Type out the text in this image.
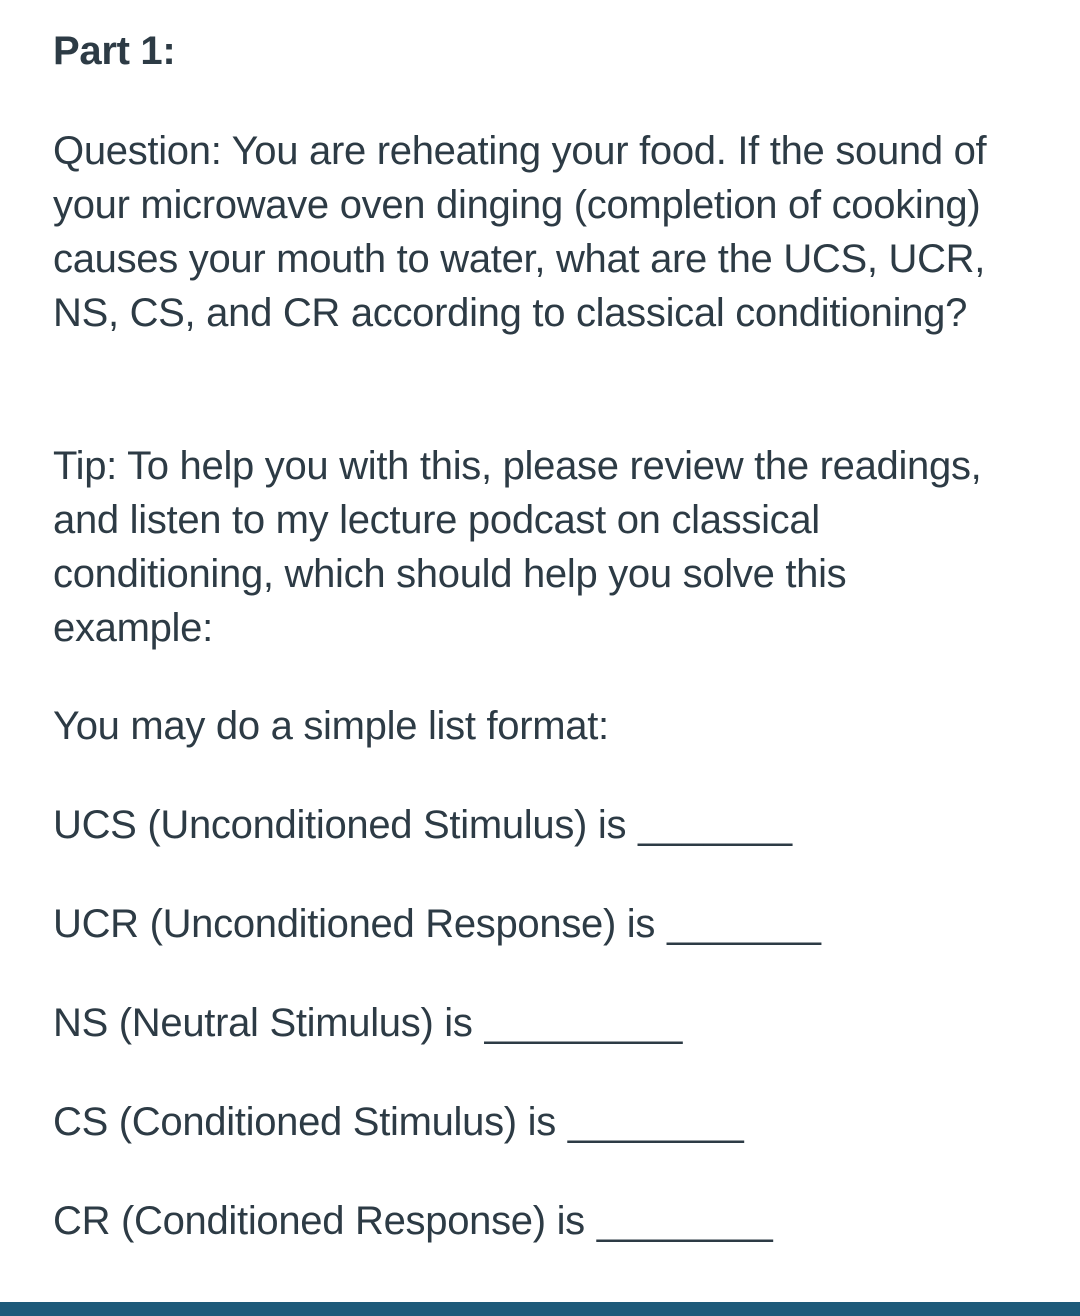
Part 1:

Question: You are reheating your food. If the sound of your microwave oven dinging (completion of cooking) causes your mouth to water, what are the UCS, UCR, NS, CS, and CR according to classical conditioning?

Tip: To help you with this, please review the readings, and listen to my lecture podcast on classical conditioning, which should help you solve this example:

You may do a simple list format:

UCS (Unconditioned Stimulus) is _______

UCR (Unconditioned Response) is _______

NS (Neutral Stimulus) is _________

CS (Conditioned Stimulus) is ________

CR (Conditioned Response) is ________
